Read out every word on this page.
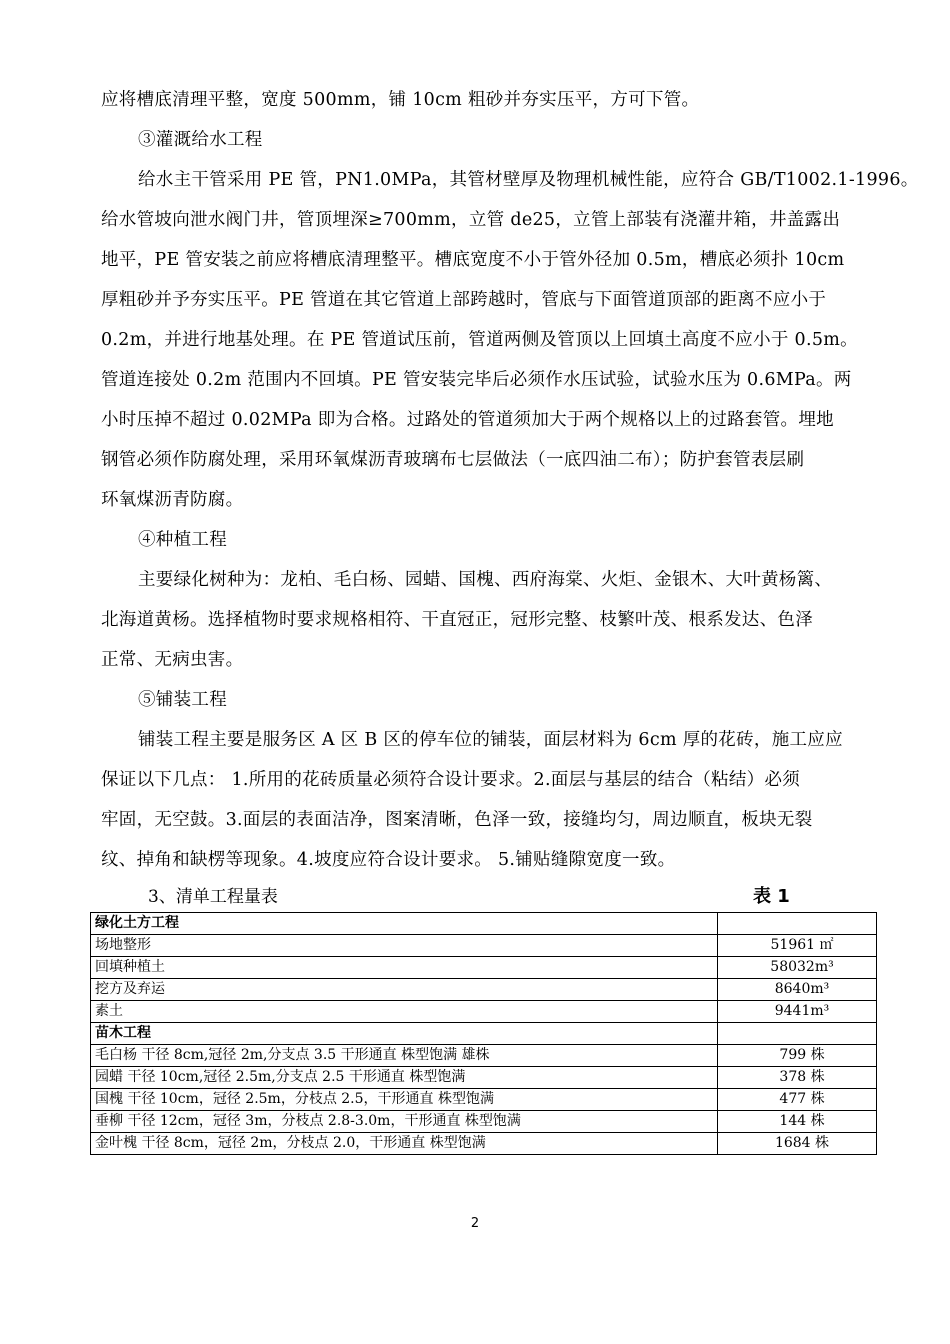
应将槽底清理平整，宽度 500mm，铺 10cm 粗砂并夯实压平，方可下管。
③灌溉给水工程
给水主干管采用 PE 管，PN1.0MPa，其管材壁厚及物理机械性能，应符合 GB/T1002.1-1996。
给水管坡向泄水阀门井，管顶埋深≥700mm，立管 de25，立管上部装有浇灌井箱，井盖露出
地平，PE 管安装之前应将槽底清理整平。槽底宽度不小于管外径加 0.5m，槽底必须扑 10cm
厚粗砂并予夯实压平。PE 管道在其它管道上部跨越时，管底与下面管道顶部的距离不应小于
0.2m，并进行地基处理。在 PE 管道试压前，管道两侧及管顶以上回填土高度不应小于 0.5m。
管道连接处 0.2m 范围内不回填。PE 管安装完毕后必须作水压试验，试验水压为 0.6MPa。两
小时压掉不超过 0.02MPa 即为合格。过路处的管道须加大于两个规格以上的过路套管。埋地
钢管必须作防腐处理，采用环氧煤沥青玻璃布七层做法（一底四油二布）；防护套管表层刷
环氧煤沥青防腐。
④种植工程
主要绿化树种为：龙柏、毛白杨、园蜡、国槐、西府海棠、火炬、金银木、大叶黄杨篱、
北海道黄杨。选择植物时要求规格相符、干直冠正，冠形完整、枝繁叶茂、根系发达、色泽
正常、无病虫害。
⑤铺装工程
铺装工程主要是服务区 A 区 B 区的停车位的铺装，面层材料为 6cm 厚的花砖，施工应应
保证以下几点： 1.所用的花砖质量必须符合设计要求。2.面层与基层的结合（粘结）必须
牢固，无空鼓。3.面层的表面洁净，图案清晰，色泽一致，接缝均匀，周边顺直，板块无裂
纹、掉角和缺楞等现象。4.坡度应符合设计要求。 5.铺贴缝隙宽度一致。
3、清单工程量表	表 1
绿化土方工程	
场地整形	51961 ㎡
回填种植土	58032m³
挖方及弃运	8640m³
素土	9441m³
苗木工程	
毛白杨 干径 8cm,冠径 2m,分支点 3.5 干形通直 株型饱满 雄株	799 株
园蜡 干径 10cm,冠径 2.5m,分支点 2.5 干形通直 株型饱满	378 株
国槐 干径 10cm，冠径 2.5m，分枝点 2.5，干形通直 株型饱满	477 株
垂柳 干径 12cm，冠径 3m，分枝点 2.8-3.0m，干形通直 株型饱满	144 株
金叶槐 干径 8cm，冠径 2m，分枝点 2.0，干形通直 株型饱满	1684 株
2
